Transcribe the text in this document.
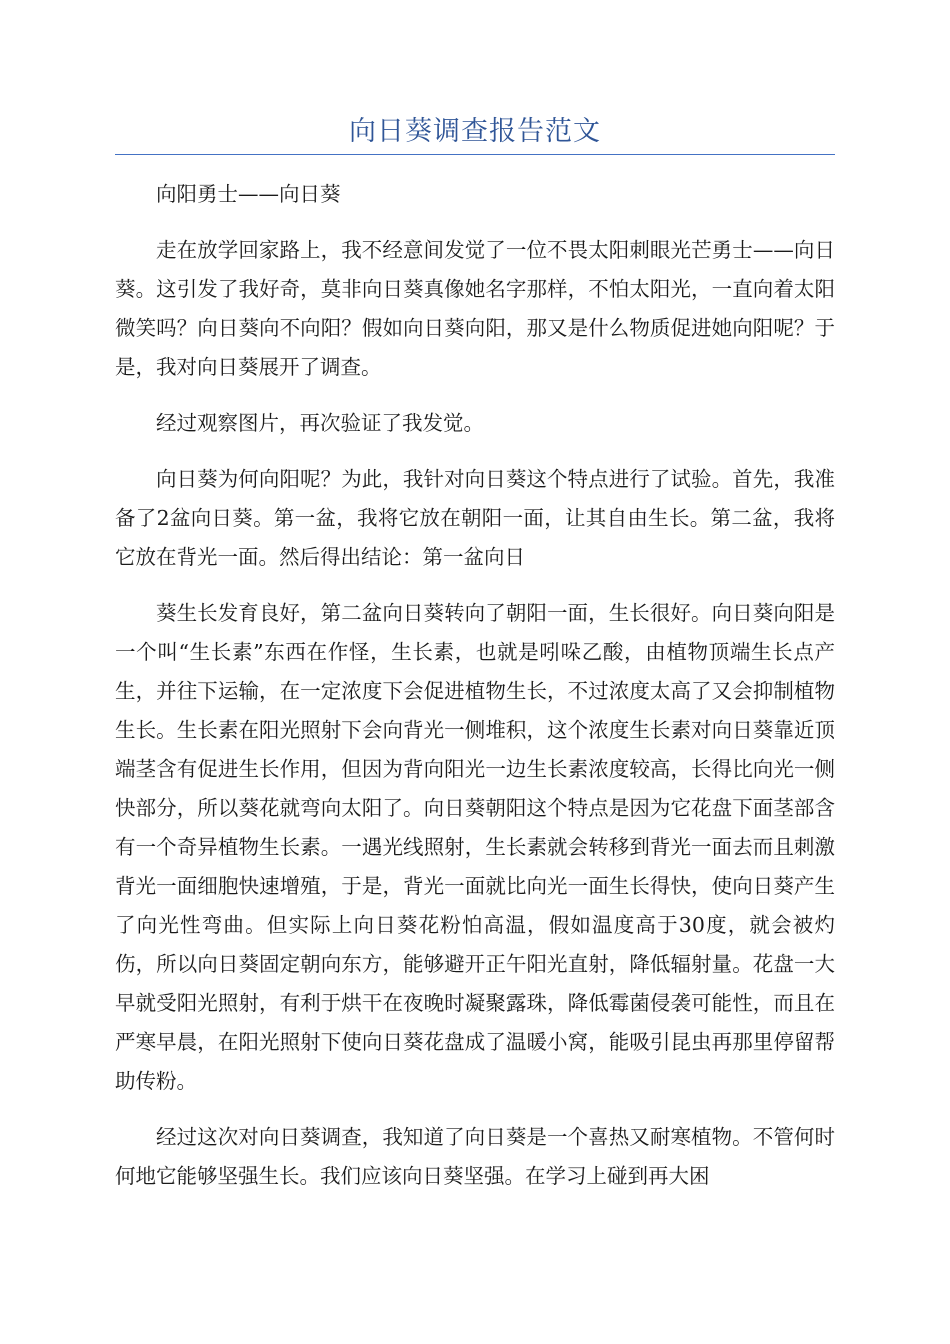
向日葵调查报告范文

向阳勇士——向日葵

走在放学回家路上，我不经意间发觉了一位不畏太阳刺眼光芒勇士——向日葵。这引发了我好奇，莫非向日葵真像她名字那样，不怕太阳光，一直向着太阳微笑吗？向日葵向不向阳？假如向日葵向阳，那又是什么物质促进她向阳呢？于是，我对向日葵展开了调查。

经过观察图片，再次验证了我发觉。

向日葵为何向阳呢？为此，我针对向日葵这个特点进行了试验。首先，我准备了2盆向日葵。第一盆，我将它放在朝阳一面，让其自由生长。第二盆，我将它放在背光一面。然后得出结论：第一盆向日

葵生长发育良好，第二盆向日葵转向了朝阳一面，生长很好。向日葵向阳是一个叫“生长素”东西在作怪，生长素，也就是吲哚乙酸，由植物顶端生长点产生，并往下运输，在一定浓度下会促进植物生长，不过浓度太高了又会抑制植物生长。生长素在阳光照射下会向背光一侧堆积，这个浓度生长素对向日葵靠近顶端茎含有促进生长作用，但因为背向阳光一边生长素浓度较高，长得比向光一侧快部分，所以葵花就弯向太阳了。向日葵朝阳这个特点是因为它花盘下面茎部含有一个奇异植物生长素。一遇光线照射，生长素就会转移到背光一面去而且刺激背光一面细胞快速增殖，于是，背光一面就比向光一面生长得快，使向日葵产生了向光性弯曲。但实际上向日葵花粉怕高温，假如温度高于30度，就会被灼伤，所以向日葵固定朝向东方，能够避开正午阳光直射，降低辐射量。花盘一大早就受阳光照射，有利于烘干在夜晚时凝聚露珠，降低霉菌侵袭可能性，而且在严寒早晨，在阳光照射下使向日葵花盘成了温暖小窝，能吸引昆虫再那里停留帮助传粉。

经过这次对向日葵调查，我知道了向日葵是一个喜热又耐寒植物。不管何时何地它能够坚强生长。我们应该向日葵坚强。在学习上碰到再大困
